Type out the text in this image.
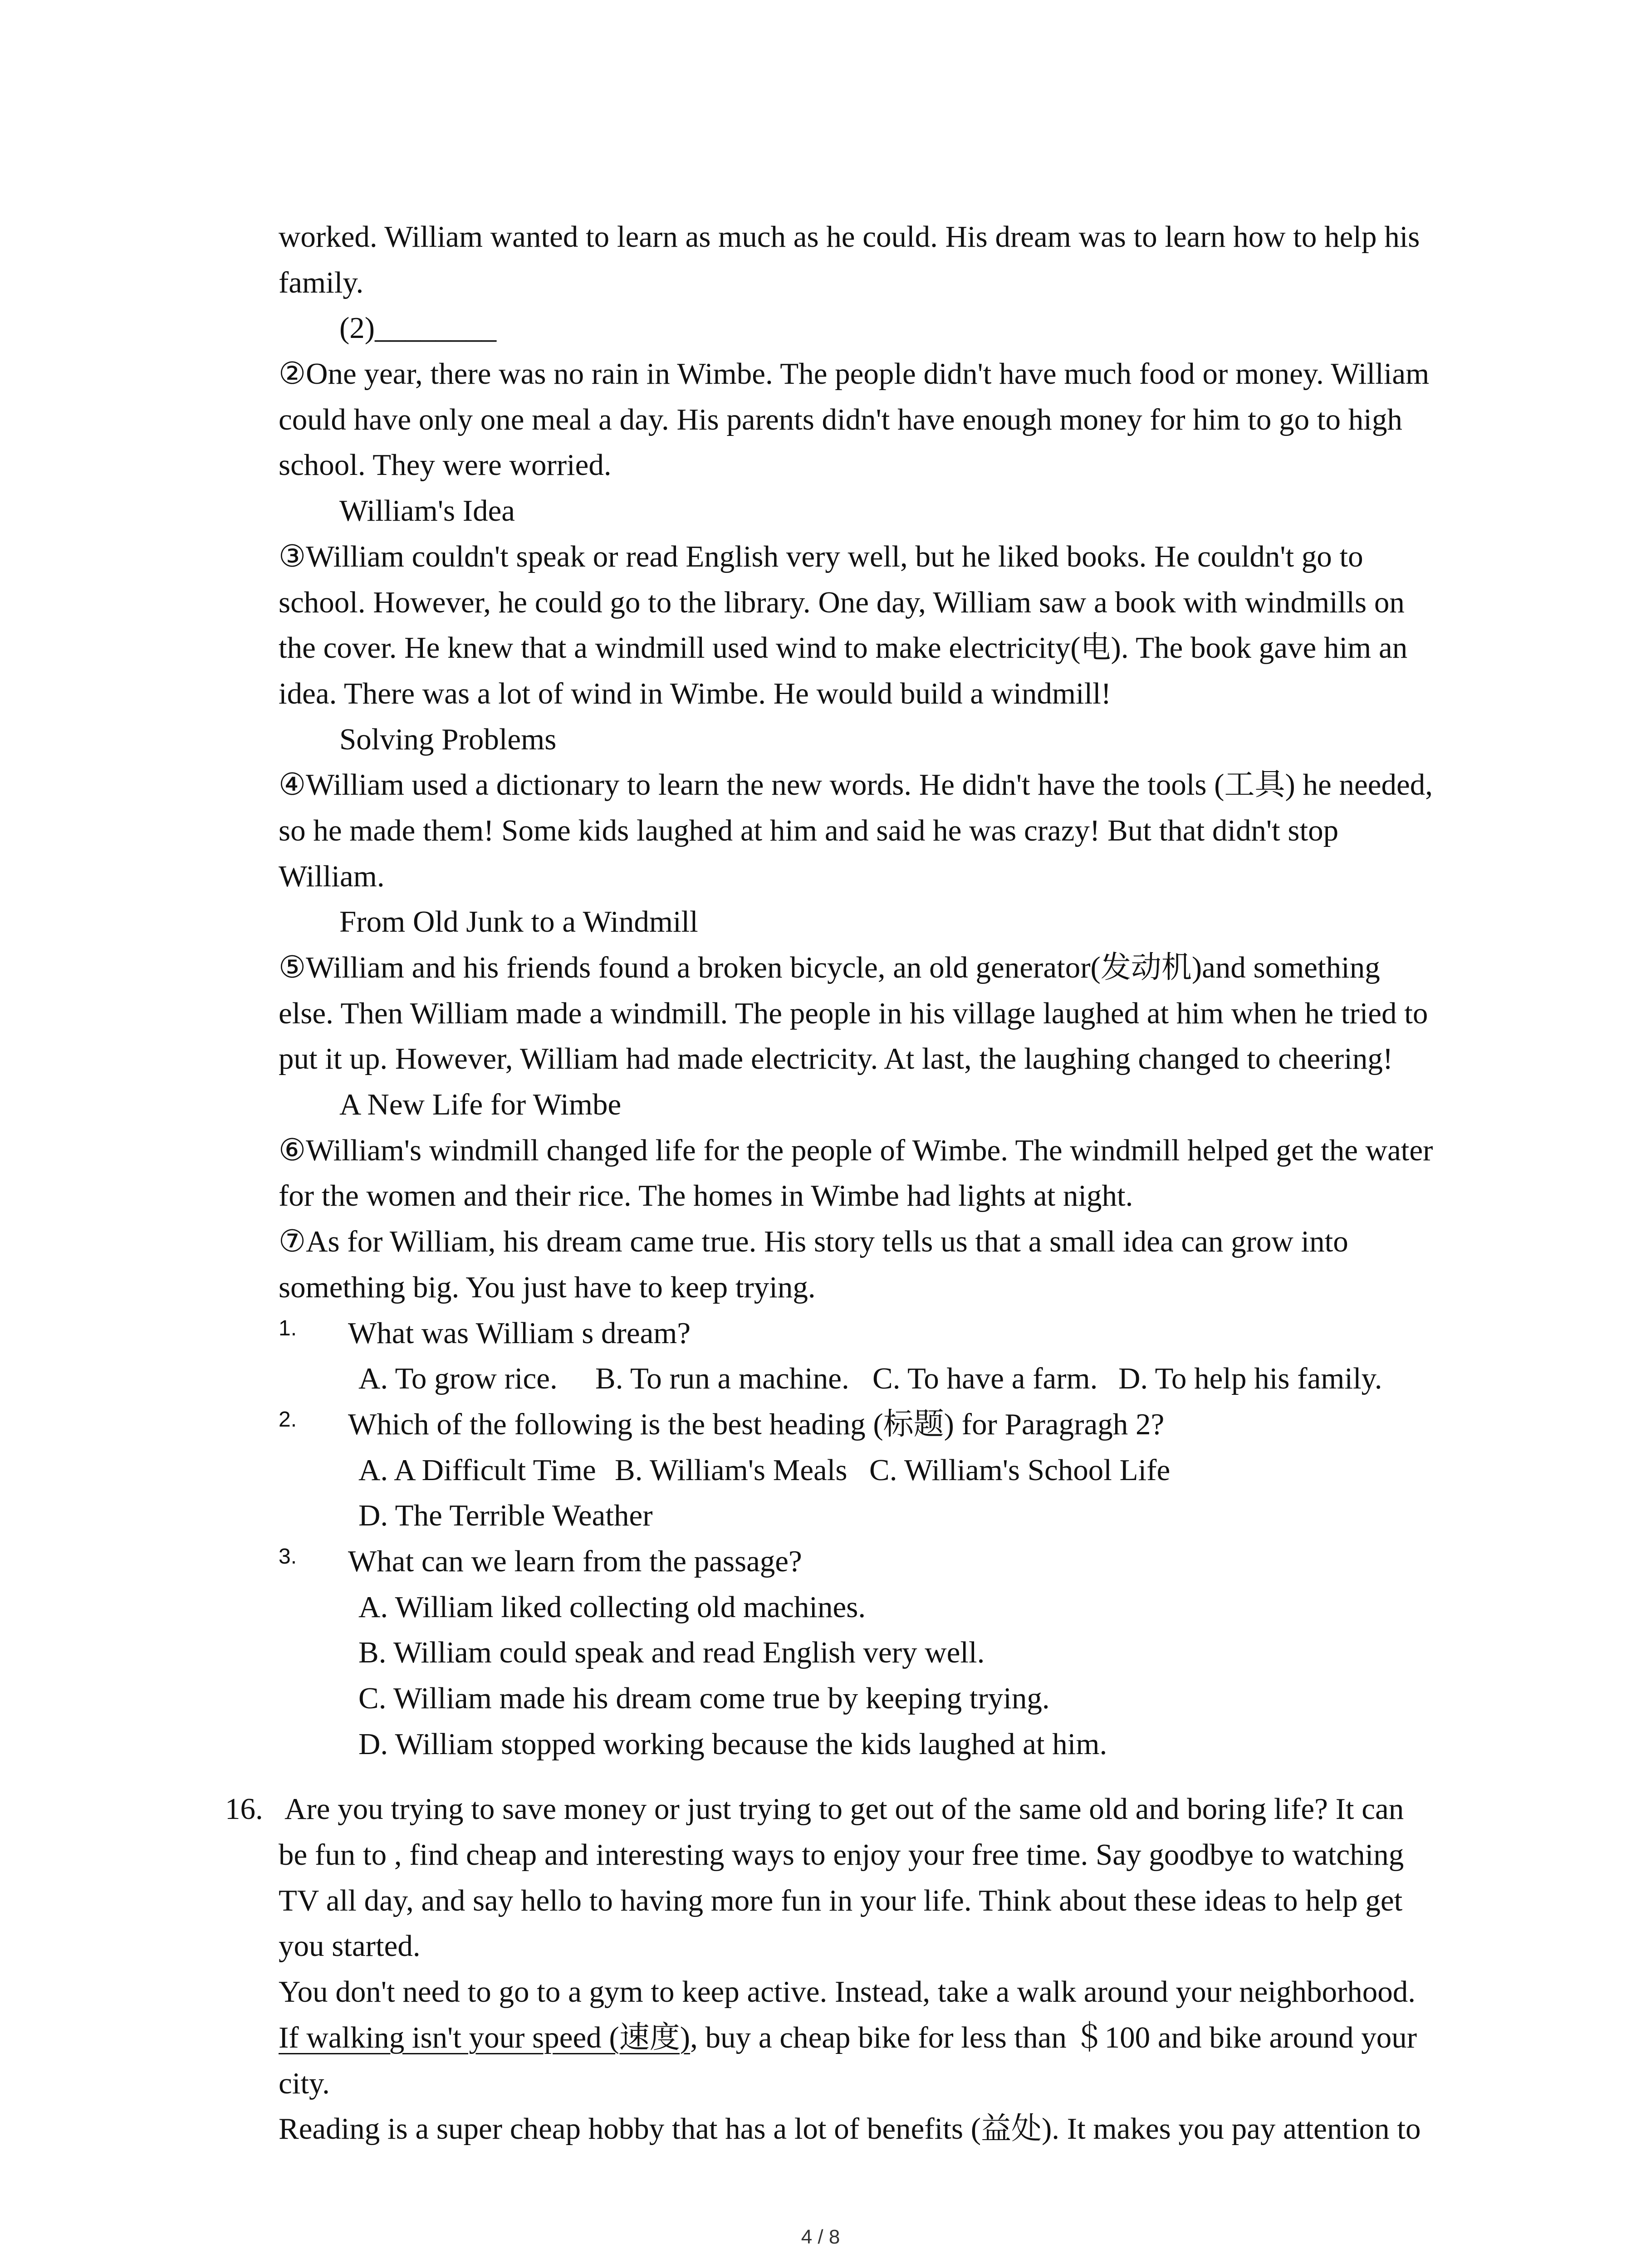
worked. William wanted to learn as much as he could. His dream was to learn how to help his
family.
(2)________
②One year, there was no rain in Wimbe. The people didn't have much food or money. William
could have only one meal a day. His parents didn't have enough money for him to go to high
school. They were worried.
William's Idea
③William couldn't speak or read English very well, but he liked books. He couldn't go to
school. However, he could go to the library. One day, William saw a book with windmills on
the cover. He knew that a windmill used wind to make electricity(电). The book gave him an
idea. There was a lot of wind in Wimbe. He would build a windmill!
Solving Problems
④William used a dictionary to learn the new words. He didn't have the tools (工具) he needed,
so he made them! Some kids laughed at him and said he was crazy! But that didn't stop
William.
From Old Junk to a Windmill
⑤William and his friends found a broken bicycle, an old generator(发动机)and something
else. Then William made a windmill. The people in his village laughed at him when he tried to
put it up. However, William had made electricity. At last, the laughing changed to cheering!
A New Life for Wimbe
⑥William's windmill changed life for the people of Wimbe. The windmill helped get the water
for the women and their rice. The homes in Wimbe had lights at night.
⑦As for William, his dream came true. His story tells us that a small idea can grow into
something big. You just have to keep trying.
1. What was William s dream?
A. To grow rice. B. To run a machine. C. To have a farm. D. To help his family.
2. Which of the following is the best heading (标题) for Paragragh 2?
A. A Difficult Time B. William's Meals C. William's School Life
D. The Terrible Weather
3. What can we learn from the passage?
A. William liked collecting old machines.
B. William could speak and read English very well.
C. William made his dream come true by keeping trying.
D. William stopped working because the kids laughed at him.
16. Are you trying to save money or just trying to get out of the same old and boring life? It can
be fun to , find cheap and interesting ways to enjoy your free time. Say goodbye to watching
TV all day, and say hello to having more fun in your life. Think about these ideas to help get
you started.
You don't need to go to a gym to keep active. Instead, take a walk around your neighborhood.
If walking isn't your speed (速度), buy a cheap bike for less than ＄100 and bike around your
city.
Reading is a super cheap hobby that has a lot of benefits (益处). It makes you pay attention to
4 / 8
